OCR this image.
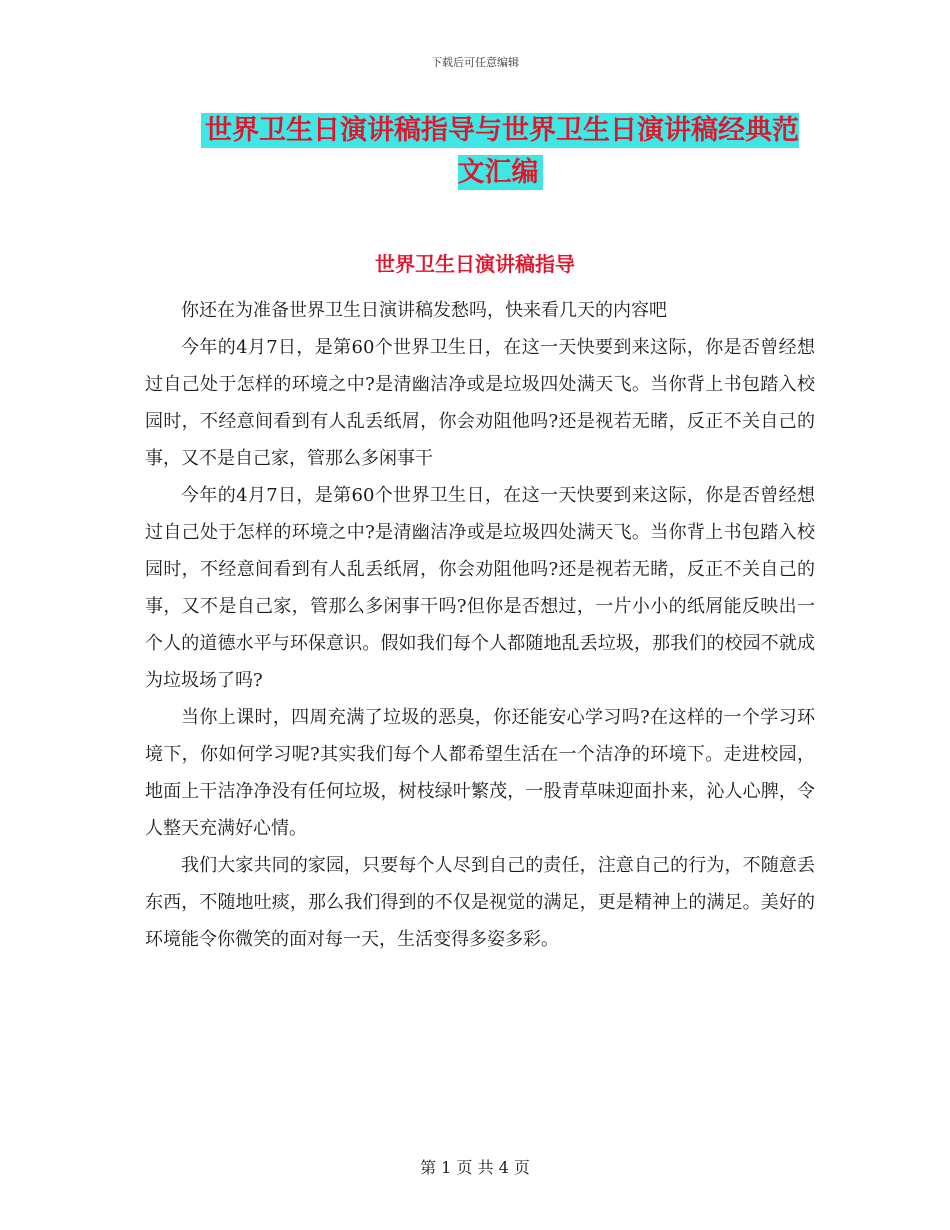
下载后可任意编辑
世界卫生日演讲稿指导与世界卫生日演讲稿经典范文汇编
世界卫生日演讲稿指导

你还在为准备世界卫生日演讲稿发愁吗，快来看几天的内容吧

今年的4月7日，是第60个世界卫生日，在这一天快要到来这际，你是否曾经想过自己处于怎样的环境之中?是清幽洁净或是垃圾四处满天飞。当你背上书包踏入校园时，不经意间看到有人乱丢纸屑，你会劝阻他吗?还是视若无睹，反正不关自己的事，又不是自己家，管那么多闲事干

今年的4月7日，是第60个世界卫生日，在这一天快要到来这际，你是否曾经想过自己处于怎样的环境之中?是清幽洁净或是垃圾四处满天飞。当你背上书包踏入校园时，不经意间看到有人乱丢纸屑，你会劝阻他吗?还是视若无睹，反正不关自己的事，又不是自己家，管那么多闲事干吗?但你是否想过，一片小小的纸屑能反映出一个人的道德水平与环保意识。假如我们每个人都随地乱丢垃圾，那我们的校园不就成为垃圾场了吗?

当你上课时，四周充满了垃圾的恶臭，你还能安心学习吗?在这样的一个学习环境下，你如何学习呢?其实我们每个人都希望生活在一个洁净的环境下。走进校园，地面上干洁净净没有任何垃圾，树枝绿叶繁茂，一股青草味迎面扑来，沁人心脾，令人整天充满好心情。

我们大家共同的家园，只要每个人尽到自己的责任，注意自己的行为，不随意丢东西，不随地吐痰，那么我们得到的不仅是视觉的满足，更是精神上的满足。美好的环境能令你微笑的面对每一天，生活变得多姿多彩。

第 1 页 共 4 页
